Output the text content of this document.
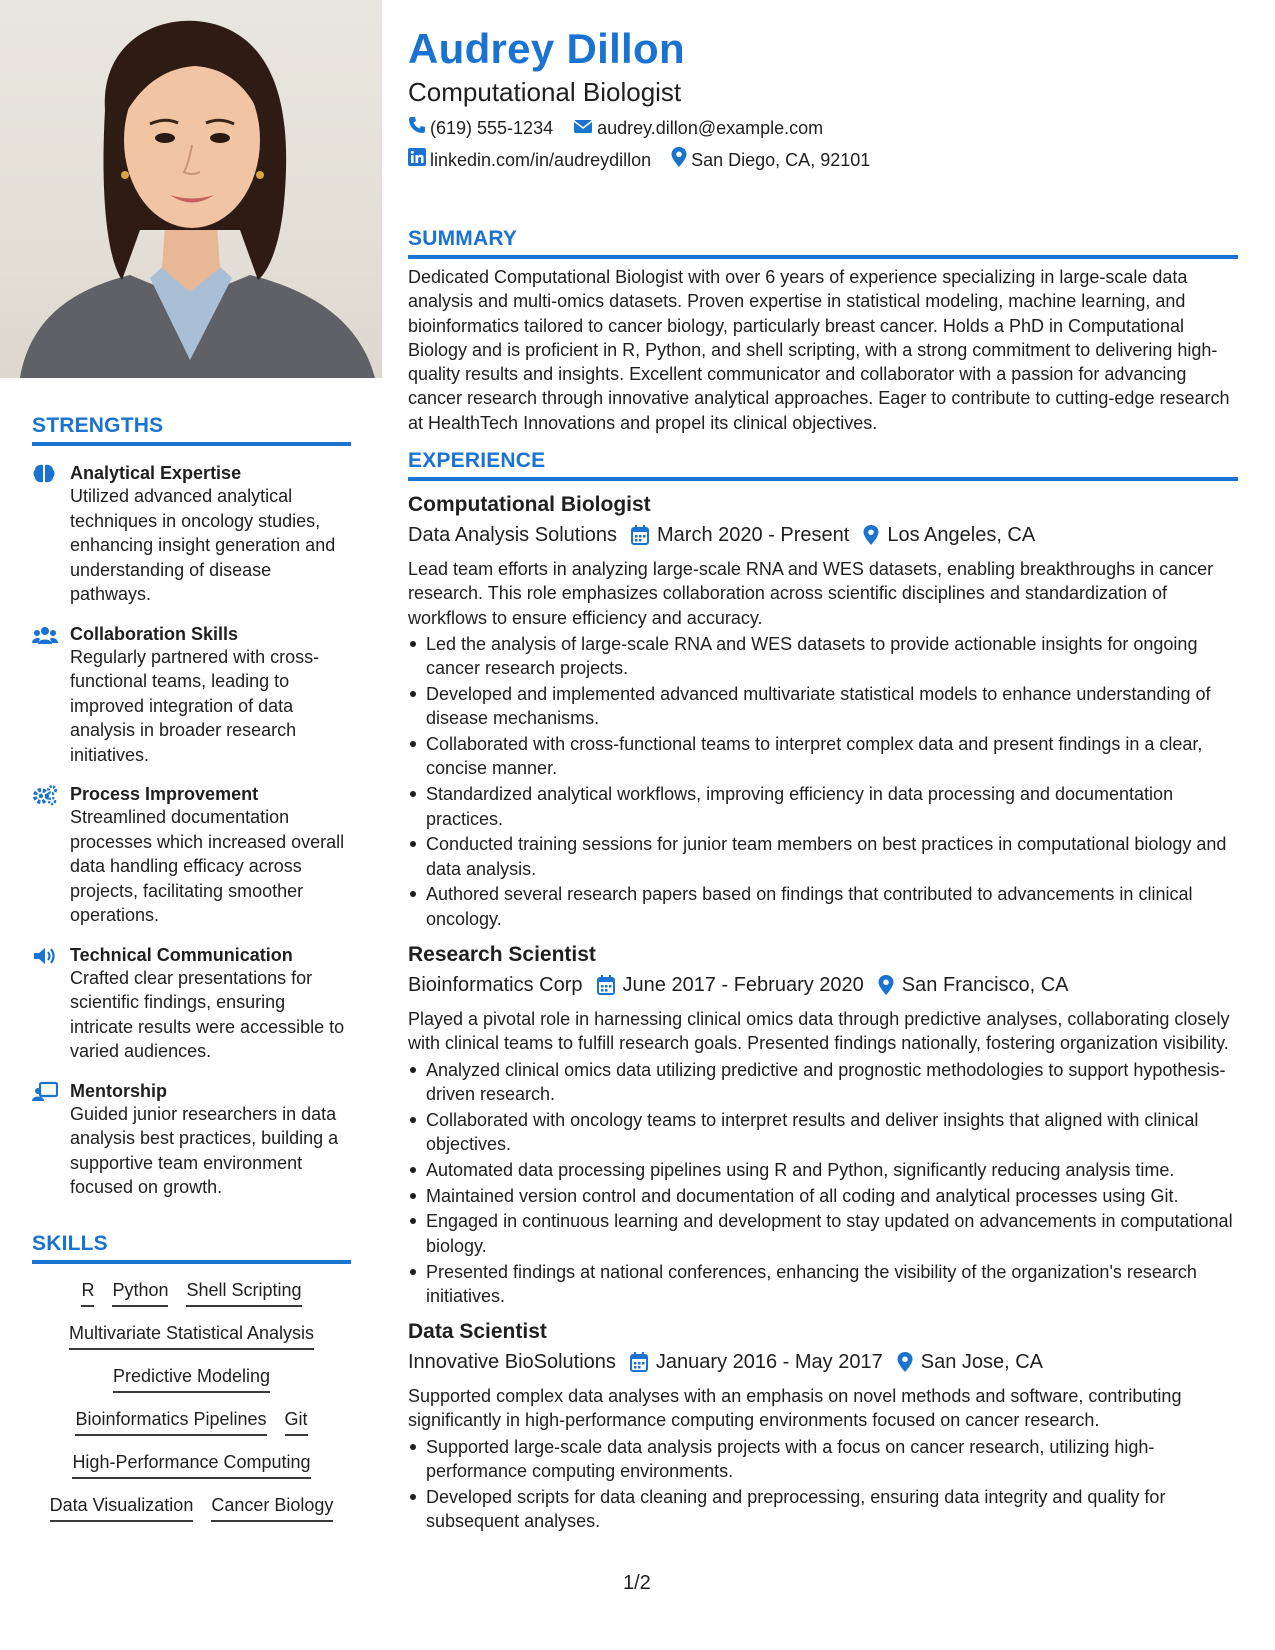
STRENGTHS
Analytical Expertise
Utilized advanced analytical techniques in oncology studies, enhancing insight generation and understanding of disease pathways.
Collaboration Skills
Regularly partnered with cross-functional teams, leading to improved integration of data analysis in broader research initiatives.
Process Improvement
Streamlined documentation processes which increased overall data handling efficacy across projects, facilitating smoother operations.
Technical Communication
Crafted clear presentations for scientific findings, ensuring intricate results were accessible to varied audiences.
Mentorship
Guided junior researchers in data analysis best practices, building a supportive team environment focused on growth.
SKILLS
R Python Shell Scripting
Multivariate Statistical Analysis
Predictive Modeling
Bioinformatics Pipelines Git
High-Performance Computing
Data Visualization Cancer Biology
Audrey Dillon
Computational Biologist
(619) 555-1234 audrey.dillon@example.com
linkedin.com/in/audreydillon San Diego, CA, 92101
SUMMARY
Dedicated Computational Biologist with over 6 years of experience specializing in large-scale data analysis and multi-omics datasets. Proven expertise in statistical modeling, machine learning, and bioinformatics tailored to cancer biology, particularly breast cancer. Holds a PhD in Computational Biology and is proficient in R, Python, and shell scripting, with a strong commitment to delivering high-quality results and insights. Excellent communicator and collaborator with a passion for advancing cancer research through innovative analytical approaches. Eager to contribute to cutting-edge research at HealthTech Innovations and propel its clinical objectives.
EXPERIENCE
Computational Biologist
Data Analysis Solutions March 2020 - Present Los Angeles, CA
Lead team efforts in analyzing large-scale RNA and WES datasets, enabling breakthroughs in cancer research. This role emphasizes collaboration across scientific disciplines and standardization of workflows to ensure efficiency and accuracy.
Led the analysis of large-scale RNA and WES datasets to provide actionable insights for ongoing cancer research projects.
Developed and implemented advanced multivariate statistical models to enhance understanding of disease mechanisms.
Collaborated with cross-functional teams to interpret complex data and present findings in a clear, concise manner.
Standardized analytical workflows, improving efficiency in data processing and documentation practices.
Conducted training sessions for junior team members on best practices in computational biology and data analysis.
Authored several research papers based on findings that contributed to advancements in clinical oncology.
Research Scientist
Bioinformatics Corp June 2017 - February 2020 San Francisco, CA
Played a pivotal role in harnessing clinical omics data through predictive analyses, collaborating closely with clinical teams to fulfill research goals. Presented findings nationally, fostering organization visibility.
Analyzed clinical omics data utilizing predictive and prognostic methodologies to support hypothesis-driven research.
Collaborated with oncology teams to interpret results and deliver insights that aligned with clinical objectives.
Automated data processing pipelines using R and Python, significantly reducing analysis time.
Maintained version control and documentation of all coding and analytical processes using Git.
Engaged in continuous learning and development to stay updated on advancements in computational biology.
Presented findings at national conferences, enhancing the visibility of the organization's research initiatives.
Data Scientist
Innovative BioSolutions January 2016 - May 2017 San Jose, CA
Supported complex data analyses with an emphasis on novel methods and software, contributing significantly in high-performance computing environments focused on cancer research.
Supported large-scale data analysis projects with a focus on cancer research, utilizing high-performance computing environments.
Developed scripts for data cleaning and preprocessing, ensuring data integrity and quality for subsequent analyses.
1/2
